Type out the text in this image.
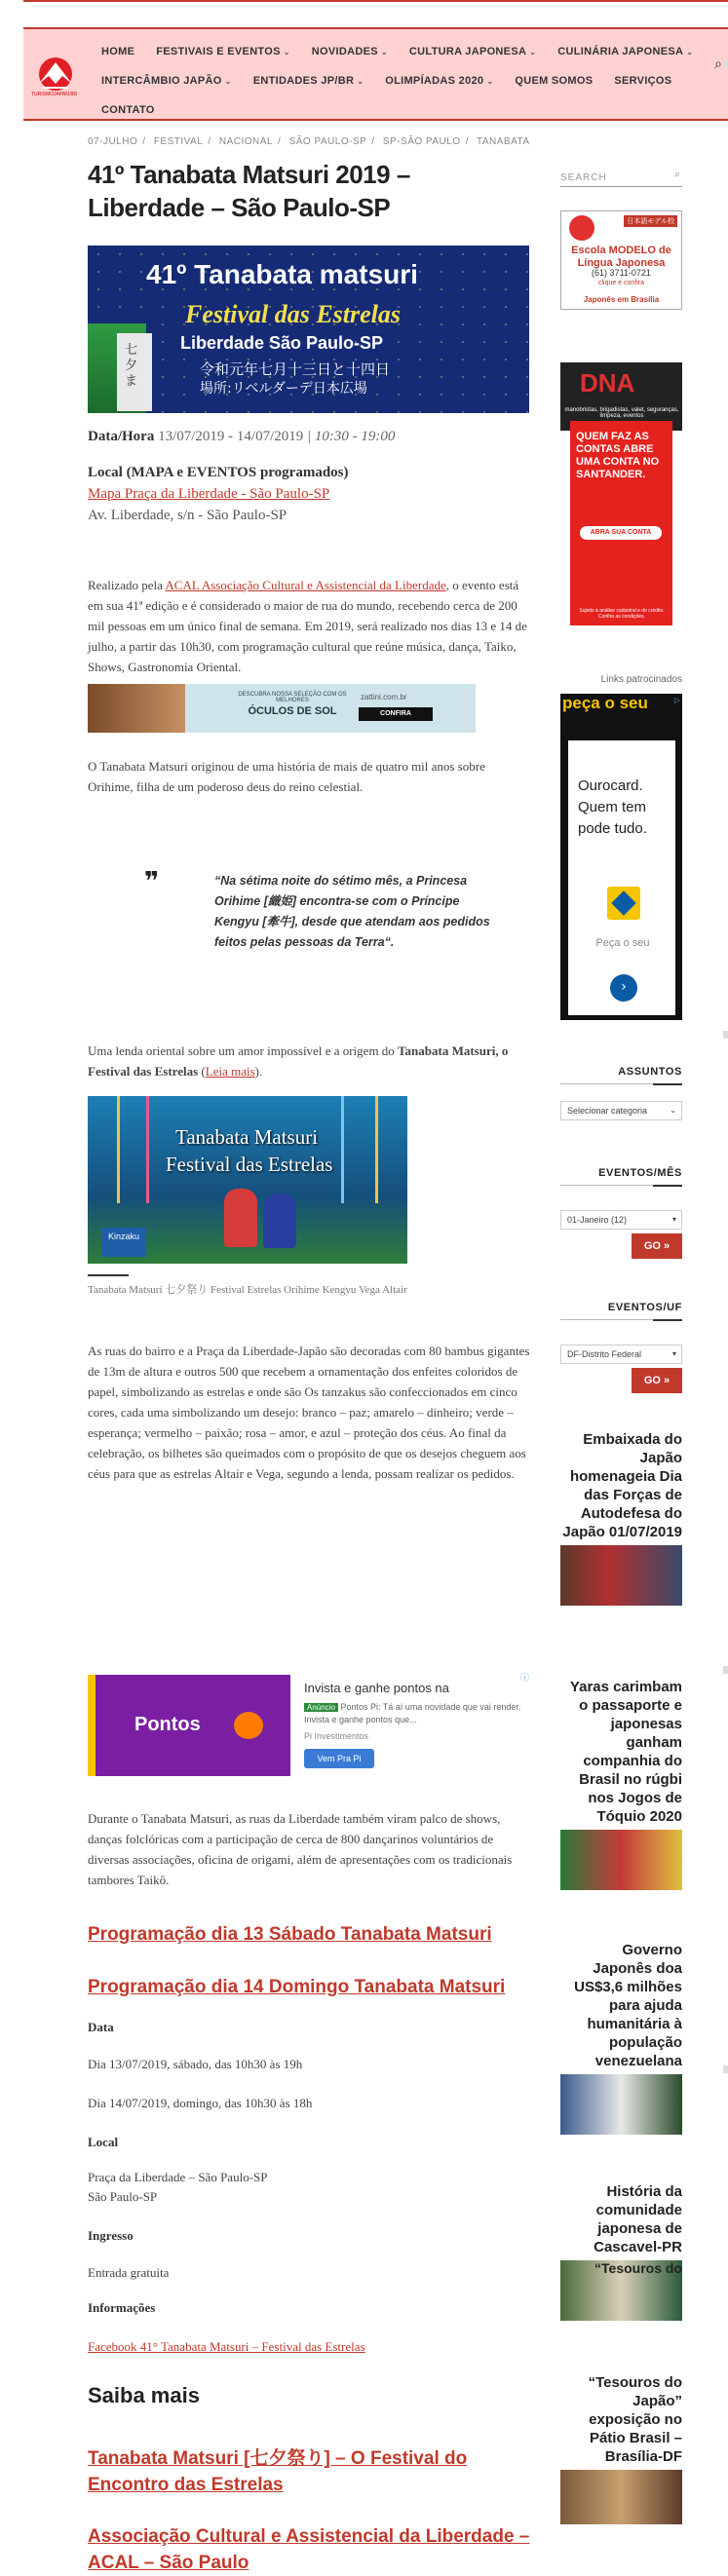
TURISMOJAPAN.BR
HOME FESTIVAIS E EVENTOS ⌄ NOVIDADES ⌄ CULTURA JAPONESA ⌄ CULINÁRIA JAPONESA ⌄
INTERCÂMBIO JAPÃO ⌄ ENTIDADES JP/BR ⌄ OLIMPÍADAS 2020 ⌄ QUEM SOMOS SERVIÇOS
CONTATO
⌕
07-JULHO / FESTIVAL / NACIONAL / SÃO PAULO-SP / SP-SÃO PAULO / TANABATA
41º Tanabata Matsuri 2019 – Liberdade – São Paulo-SP
41º Tanabata matsuri
Festival das Estrelas
Liberdade São Paulo-SP
令和元年七月十三日と十四日
場所:リベルダーデ日本広場
七夕ま
Data/Hora 13/07/2019 - 14/07/2019 | 10:30 - 19:00
Local (MAPA e EVENTOS programados)
Mapa Praça da Liberdade - São Paulo-SP
Av. Liberdade, s/n - São Paulo-SP

Realizado pela ACAL Associação Cultural e Assistencial da Liberdade, o evento está em sua 41ª edição e é considerado o maior de rua do mundo, recebendo cerca de 200 mil pessoas em um único final de semana. Em 2019, será realizado nos dias 13 e 14 de julho, a partir das 10h30, com programação cultural que reúne música, dança, Taiko, Shows, Gastronomia Oriental.

DESCUBRA NOSSA SELEÇÃO COM OS MELHORES
ÓCULOS DE SOL
zattini.com.br
CONFIRA

O Tanabata Matsuri originou de uma história de mais de quatro mil anos sobre Orihime, filha de um poderoso deus do reino celestial.

❞	“Na sétima noite do sétimo mês, a Princesa Orihime [織姫] encontra-se com o Príncipe Kengyu [牽牛], desde que atendam aos pedidos feitos pelas pessoas da Terra“.

Uma lenda oriental sobre um amor impossível e a origem do Tanabata Matsuri, o Festival das Estrelas (Leia mais).

Tanabata Matsuri
Festival das Estrelas
Kinzaku
Tanabata Matsuri 七夕祭り Festival Estrelas Orihime Kengyu Vega Altair

As ruas do bairro e a Praça da Liberdade-Japão são decoradas com 80 bambus gigantes de 13m de altura e outros 500 que recebem a ornamentação dos enfeites coloridos de papel, simbolizando as estrelas e onde são Os tanzakus são confeccionados em cinco cores, cada uma simbolizando um desejo: branco – paz; amarelo – dinheiro; verde – esperança; vermelho – paixão; rosa – amor, e azul – proteção dos céus. Ao final da celebração, os bilhetes são queimados com o propósito de que os desejos cheguem aos céus para que as estrelas Altair e Vega, segundo a lenda, possam realizar os pedidos.

Pontos
Invista e ganhe pontos na
Anúncio Pontos Pi: Tá aí uma novidade que vai render. Invista e ganhe pontos que...
Pi Investimentos
Vem Pra Pi
ⓘ

Durante o Tanabata Matsuri, as ruas da Liberdade também viram palco de shows, danças folclóricas com a participação de cerca de 800 dançarinos voluntários de diversas associações, oficina de origami, além de apresentações com os tradicionais tambores Taikô.

Programação dia 13 Sábado Tanabata Matsuri
Programação dia 14 Domingo Tanabata Matsuri
Data
Dia 13/07/2019, sábado, das 10h30 às 19h
Dia 14/07/2019, domingo, das 10h30 às 18h
Local
Praça da Liberdade – São Paulo-SP
São Paulo-SP
Ingresso
Entrada gratuita
Informações
Facebook 41° Tanabata Matsuri – Festival das Estrelas
Saiba mais
Tanabata Matsuri [七夕祭り] – O Festival do Encontro das Estrelas
Associação Cultural e Assistencial da Liberdade – ACAL – São Paulo
SEARCH	⌕
日本語モデル校
Escola MODELO de Língua Japonesa
(61) 3711-0721
clique e confira
Japonês em Brasília
DNA
manobristas, brigadistas, valet, seguranças, limpeza, eventos
QUEM FAZ AS CONTAS ABRE UMA CONTA NO SANTANDER.
ABRA SUA CONTA
Sujeito à análise cadastral e de crédito. Confira as condições.
Links patrocinados
peça o seu	▷
Ourocard. Quem tem pode tudo.
Peça o seu
›
ASSUNTOS
Selecionar categoria	⌄
EVENTOS/MÊS
01-Janeiro (12)	▾
GO »
EVENTOS/UF
DF-Distrito Federal	▾
GO »
Embaixada do Japão homenageia Dia das Forças de Autodefesa do Japão 01/07/2019
Yaras carimbam o passaporte e japonesas ganham companhia do Brasil no rúgbi nos Jogos de Tóquio 2020
Governo Japonês doa US$3,6 milhões para ajuda humanitária à população venezuelana
História da comunidade japonesa de Cascavel-PR
“Tesouros do
“Tesouros do Japão” exposição no Pátio Brasil – Brasília-DF
